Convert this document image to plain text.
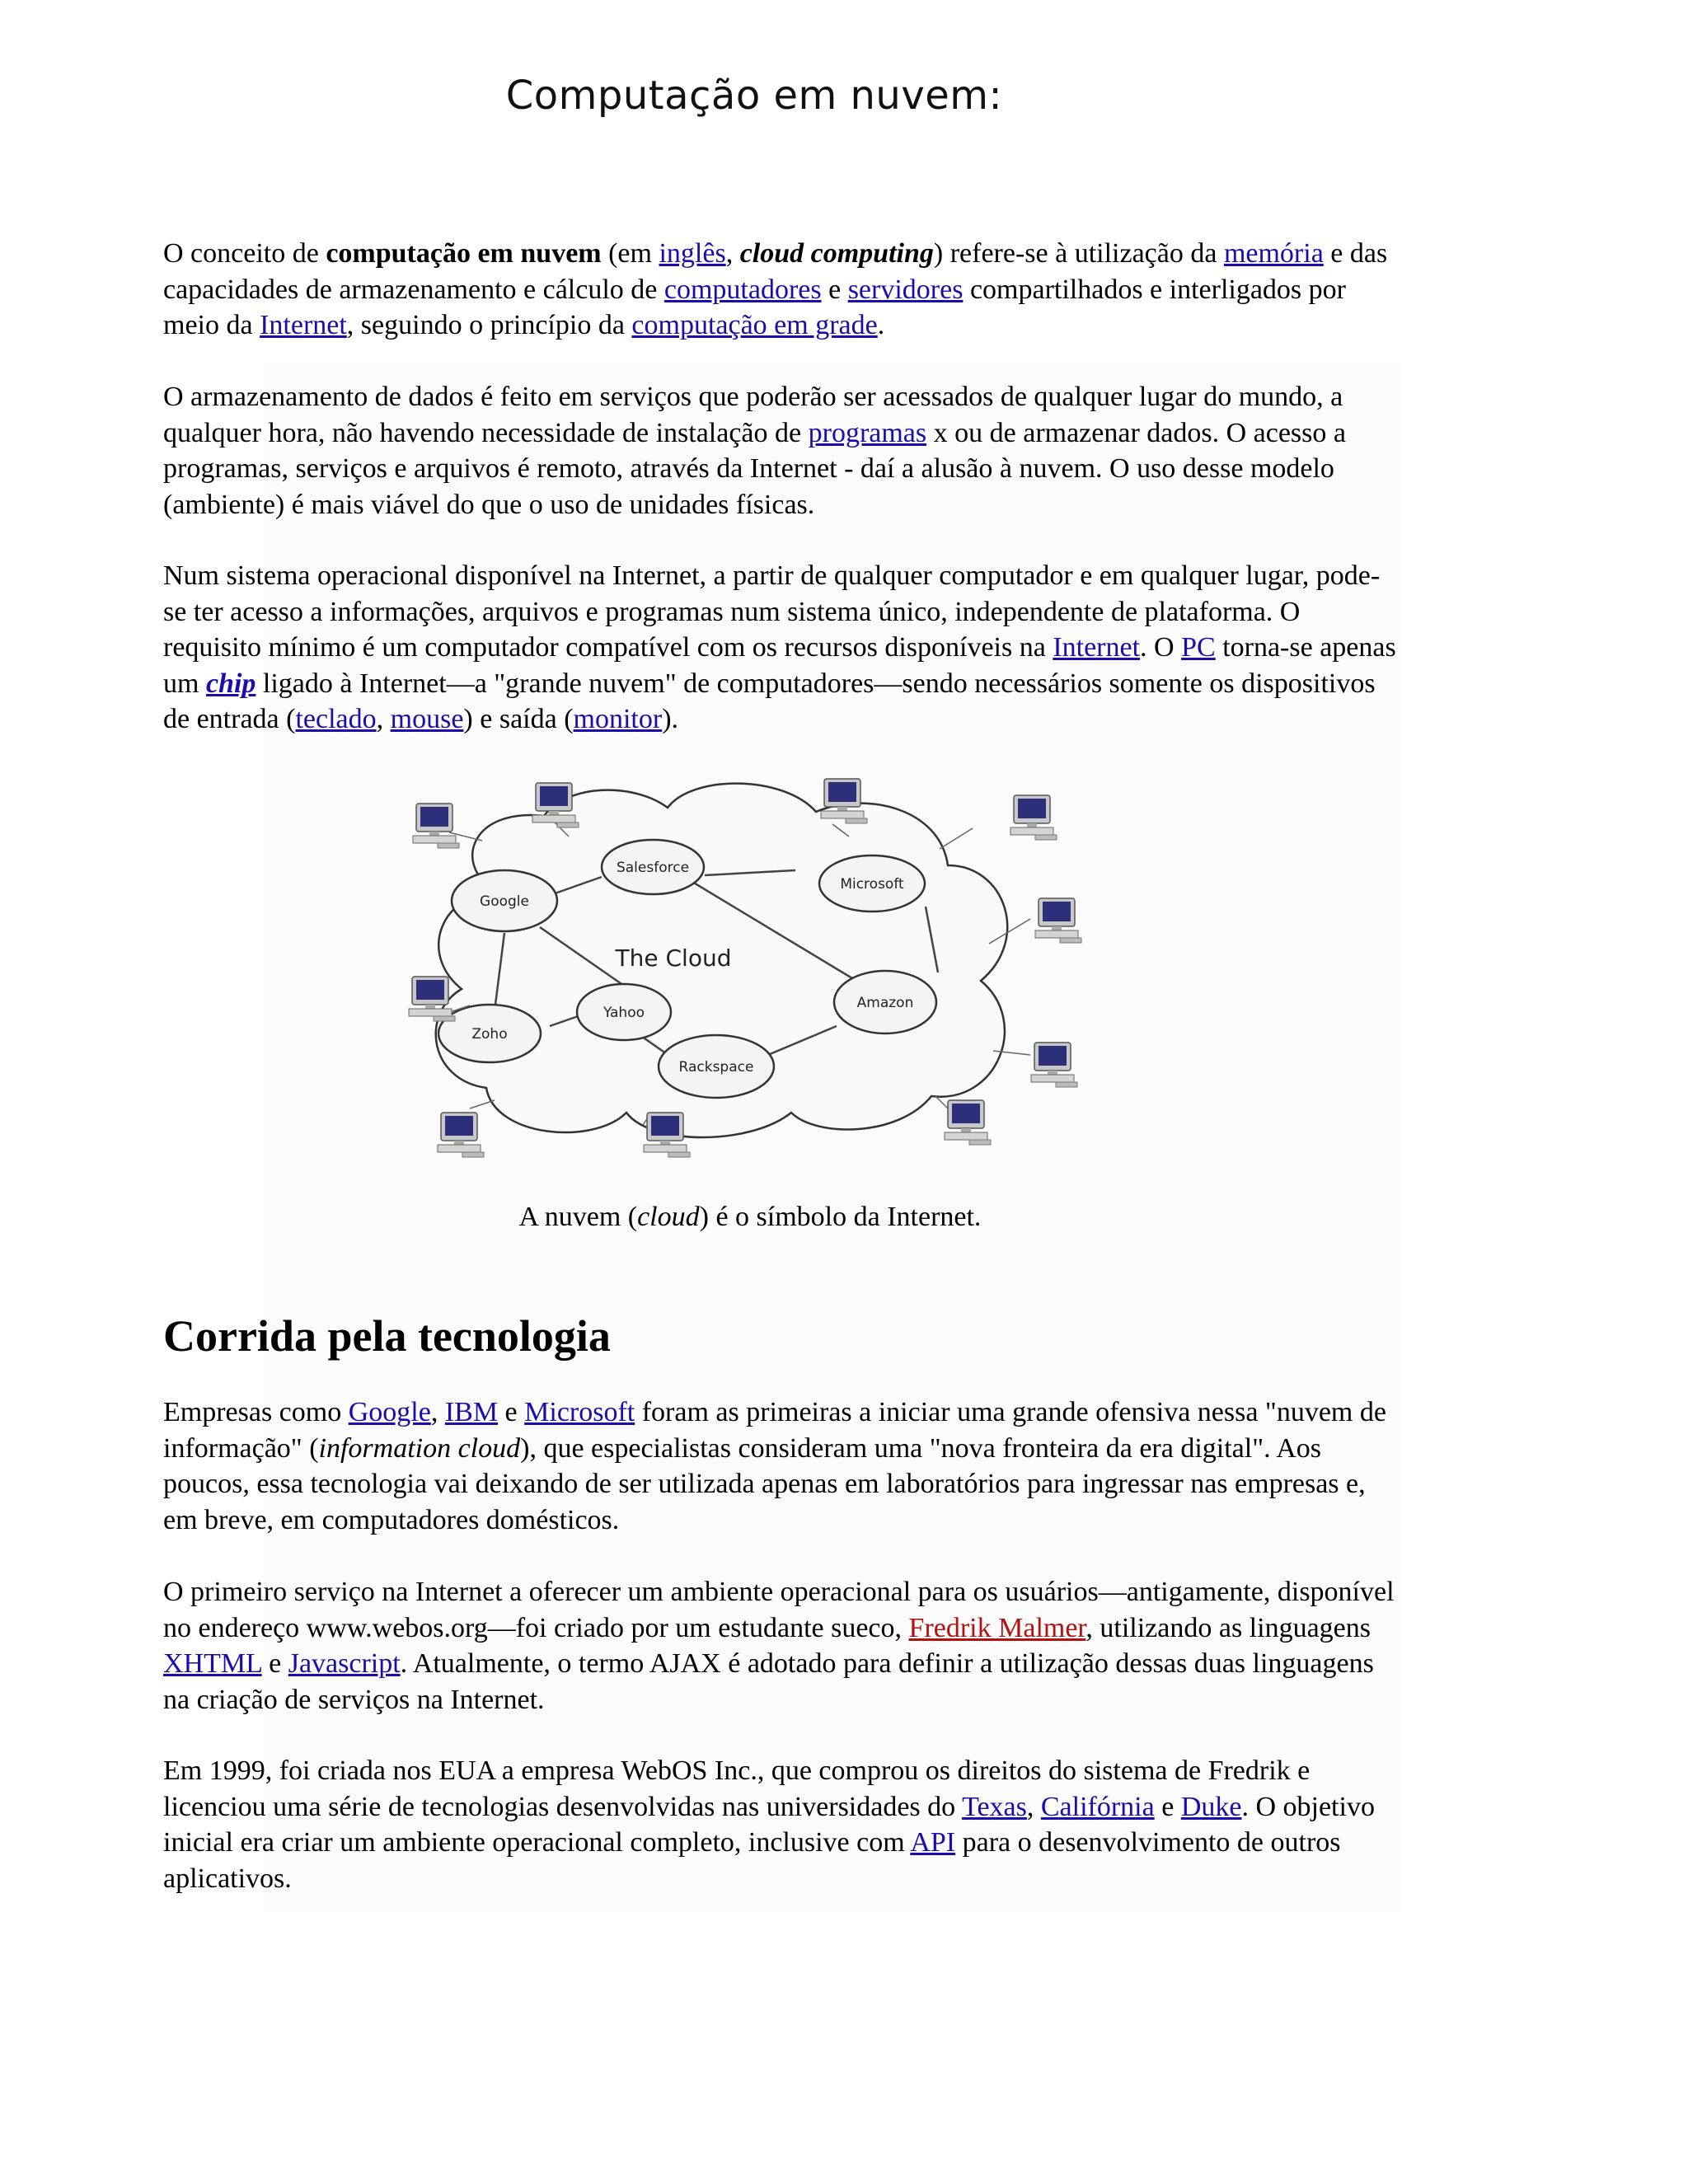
Computação em nuvem:

O conceito de computação em nuvem (em inglês, cloud computing) refere-se à utilização da memória e das capacidades de armazenamento e cálculo de computadores e servidores compartilhados e interligados por meio da Internet, seguindo o princípio da computação em grade.

O armazenamento de dados é feito em serviços que poderão ser acessados de qualquer lugar do mundo, a qualquer hora, não havendo necessidade de instalação de programas x ou de armazenar dados. O acesso a programas, serviços e arquivos é remoto, através da Internet - daí a alusão à nuvem. O uso desse modelo (ambiente) é mais viável do que o uso de unidades físicas.

Num sistema operacional disponível na Internet, a partir de qualquer computador e em qualquer lugar, pode-se ter acesso a informações, arquivos e programas num sistema único, independente de plataforma. O requisito mínimo é um computador compatível com os recursos disponíveis na Internet. O PC torna-se apenas um chip ligado à Internet—a "grande nuvem" de computadores—sendo necessários somente os dispositivos de entrada (teclado, mouse) e saída (monitor).

The Cloud
Salesforce
Google
Microsoft
Zoho
Yahoo
Amazon
Rackspace

A nuvem (cloud) é o símbolo da Internet.

Corrida pela tecnologia

Empresas como Google, IBM e Microsoft foram as primeiras a iniciar uma grande ofensiva nessa "nuvem de informação" (information cloud), que especialistas consideram uma "nova fronteira da era digital". Aos poucos, essa tecnologia vai deixando de ser utilizada apenas em laboratórios para ingressar nas empresas e, em breve, em computadores domésticos.

O primeiro serviço na Internet a oferecer um ambiente operacional para os usuários—antigamente, disponível no endereço www.webos.org—foi criado por um estudante sueco, Fredrik Malmer, utilizando as linguagens XHTML e Javascript. Atualmente, o termo AJAX é adotado para definir a utilização dessas duas linguagens na criação de serviços na Internet.

Em 1999, foi criada nos EUA a empresa WebOS Inc., que comprou os direitos do sistema de Fredrik e licenciou uma série de tecnologias desenvolvidas nas universidades do Texas, Califórnia e Duke. O objetivo inicial era criar um ambiente operacional completo, inclusive com API para o desenvolvimento de outros aplicativos.
